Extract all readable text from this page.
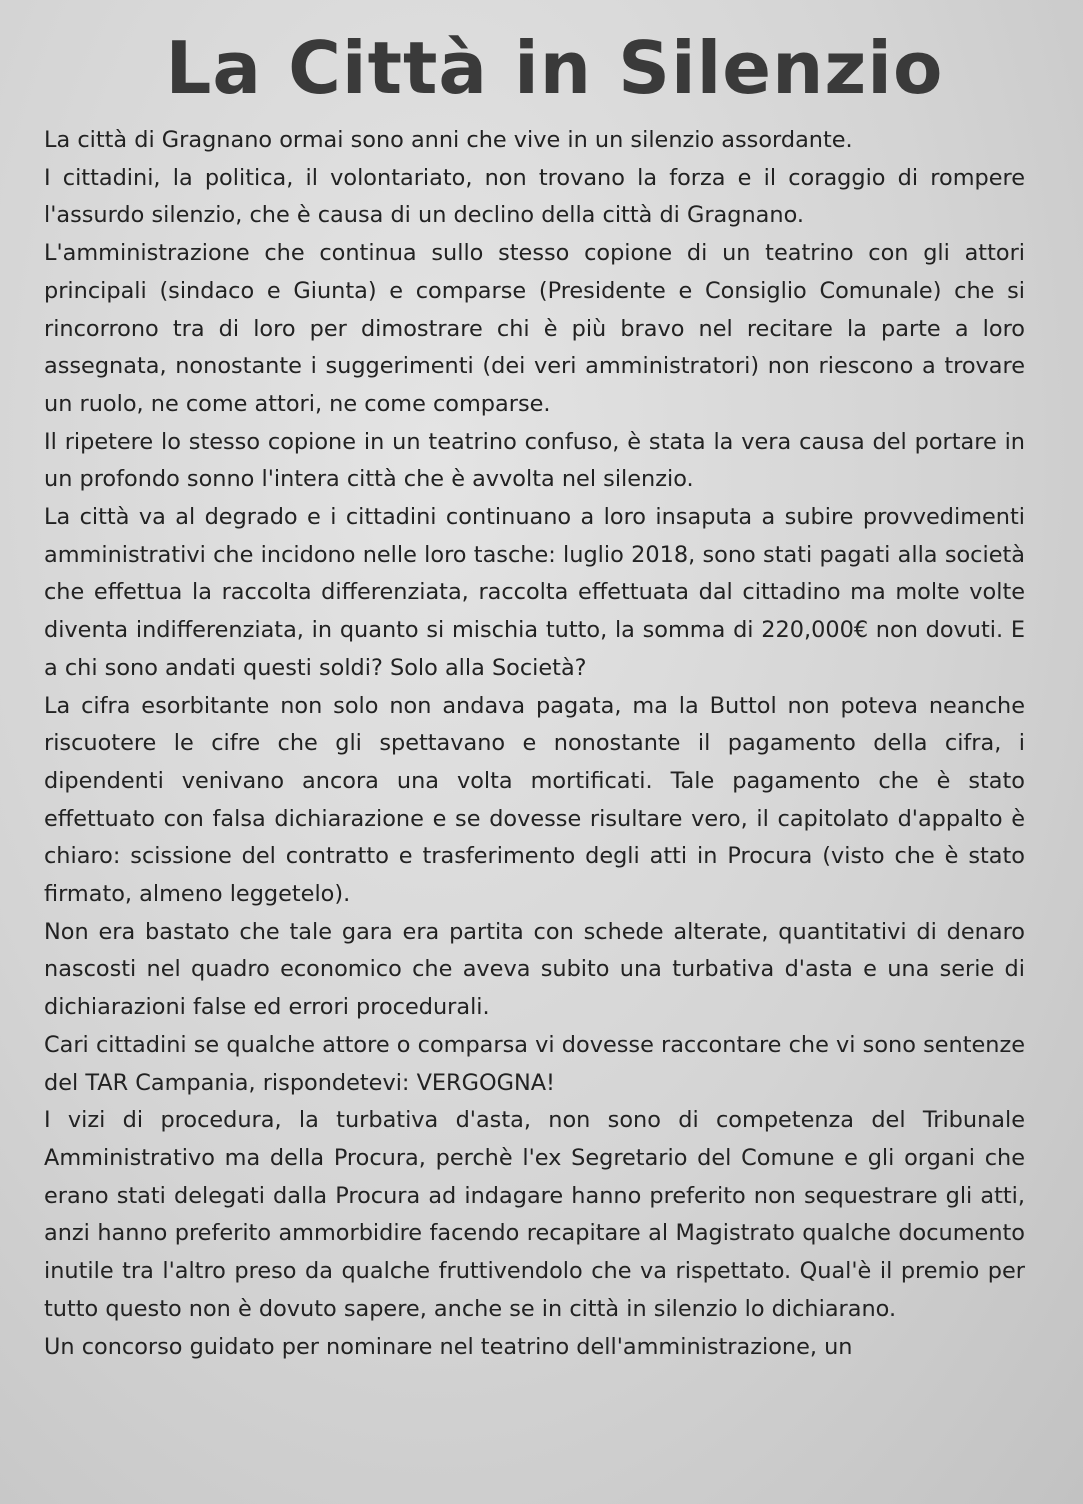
La Città in Silenzio

La città di Gragnano ormai sono anni che vive in un silenzio assordante.

I cittadini, la politica, il volontariato, non trovano la forza e il coraggio di rompere l'assurdo silenzio, che è causa di un declino della città di Gragnano.

L'amministrazione che continua sullo stesso copione di un teatrino con gli attori principali (sindaco e Giunta) e comparse (Presidente e Consiglio Comunale) che si rincorrono tra di loro per dimostrare chi è più bravo nel recitare la parte a loro assegnata, nonostante i suggerimenti (dei veri amministratori) non riescono a trovare un ruolo, ne come attori, ne come comparse.

Il ripetere lo stesso copione in un teatrino confuso, è stata la vera causa del portare in un profondo sonno l'intera città che è avvolta nel silenzio.

La città va al degrado e i cittadini continuano a loro insaputa a subire provvedimenti amministrativi che incidono nelle loro tasche: luglio 2018, sono stati pagati alla società che effettua la raccolta differenziata, raccolta effettuata dal cittadino ma molte volte diventa indifferenziata, in quanto si mischia tutto, la somma di 220,000€ non dovuti. E a chi sono andati questi soldi? Solo alla Società?

La cifra esorbitante non solo non andava pagata, ma la Buttol non poteva neanche riscuotere le cifre che gli spettavano e nonostante il pagamento della cifra, i dipendenti venivano ancora una volta mortificati. Tale pagamento che è stato effettuato con falsa dichiarazione e se dovesse risultare vero, il capitolato d'appalto è chiaro: scissione del contratto e trasferimento degli atti in Procura (visto che è stato firmato, almeno leggetelo).

Non era bastato che tale gara era partita con schede alterate, quantitativi di denaro nascosti nel quadro economico che aveva subito una turbativa d'asta e una serie di dichiarazioni false ed errori procedurali.

Cari cittadini se qualche attore o comparsa vi dovesse raccontare che vi sono sentenze del TAR Campania, rispondetevi: VERGOGNA!

I vizi di procedura, la turbativa d'asta, non sono di competenza del Tribunale Amministrativo ma della Procura, perchè l'ex Segretario del Comune e gli organi che erano stati delegati dalla Procura ad indagare hanno preferito non sequestrare gli atti, anzi hanno preferito ammorbidire facendo recapitare al Magistrato qualche documento inutile tra l'altro preso da qualche fruttivendolo che va rispettato. Qual'è il premio per tutto questo non è dovuto sapere, anche se in città in silenzio lo dichiarano.

Un concorso guidato per nominare nel teatrino dell'amministrazione, un
